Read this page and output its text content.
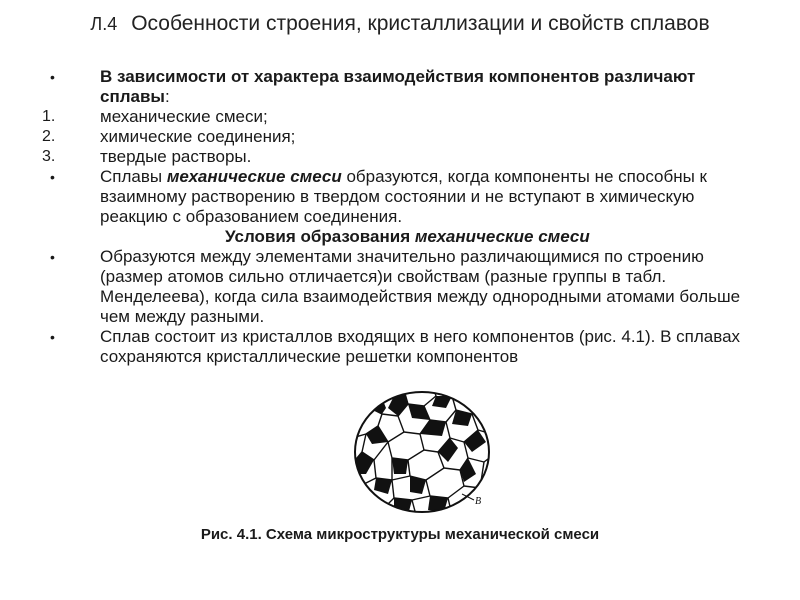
Л.4 Особенности строения, кристаллизации и свойств сплавов
•	В зависимости от характера взаимодействия компонентов различают сплавы:
1.	механические смеси;
2.	химические соединения;
3.	твердые растворы.
•	Сплавы механические смеси образуются, когда компоненты не способны к взаимному растворению в твердом состоянии и не вступают в химическую реакцию с образованием соединения.
Условия образования механические смеси
•	Образуются между элементами значительно различающимися по строению (размер атомов сильно отличается)и свойствам (разные группы в табл. Менделеева), когда сила взаимодействия между однородными атомами больше чем между разными.
•	Сплав состоит из кристаллов входящих в него компонентов (рис. 4.1). В сплавах сохраняются кристаллические решетки компонентов
B
Рис. 4.1. Схема микроструктуры механической смеси
